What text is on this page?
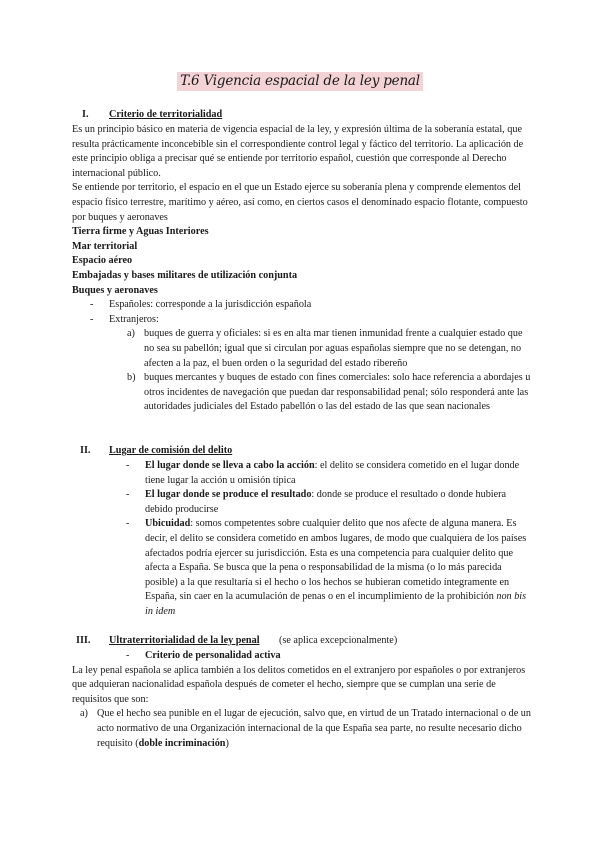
T.6 Vigencia espacial de la ley penal
I. Criterio de territorialidad

Es un principio básico en materia de vigencia espacial de la ley, y expresión última de la soberanía estatal, que resulta prácticamente inconcebible sin el correspondiente control legal y fáctico del territorio. La aplicación de este principio obliga a precisar qué se entiende por territorio español, cuestión que corresponde al Derecho internacional público.

Se entiende por territorio, el espacio en el que un Estado ejerce su soberanía plena y comprende elementos del espacio físico terrestre, marítimo y aéreo, así como, en ciertos casos el denominado espacio flotante, compuesto por buques y aeronaves

Tierra firme y Aguas Interiores
Mar territorial
Espacio aéreo
Embajadas y bases militares de utilización conjunta
Buques y aeronaves
- Españoles: corresponde a la jurisdicción española
- Extranjeros:
a) buques de guerra y oficiales: si es en alta mar tienen inmunidad frente a cualquier estado que no sea su pabellón; igual que si circulan por aguas españolas siempre que no se detengan, no afecten a la paz, el buen orden o la seguridad del estado ribereño
b) buques mercantes y buques de estado con fines comerciales: solo hace referencia a abordajes u otros incidentes de navegación que puedan dar responsabilidad penal; sólo responderá ante las autoridades judiciales del Estado pabellón o las del estado de las que sean nacionales
II. Lugar de comisión del delito
- El lugar donde se lleva a cabo la acción: el delito se considera cometido en el lugar donde tiene lugar la acción u omisión típica
- El lugar donde se produce el resultado: donde se produce el resultado o donde hubiera debido producirse
- Ubicuidad: somos competentes sobre cualquier delito que nos afecte de alguna manera. Es decir, el delito se considera cometido en ambos lugares, de modo que cualquiera de los países afectados podría ejercer su jurisdicción. Esta es una competencia para cualquier delito que afecta a España. Se busca que la pena o responsabilidad de la misma (o lo más parecida posible) a la que resultaría si el hecho o los hechos se hubieran cometido íntegramente en España, sin caer en la acumulación de penas o en el incumplimiento de la prohibición non bis in idem
III. Ultraterritorialidad de la ley penal (se aplica excepcionalmente)
- Criterio de personalidad activa

La ley penal española se aplica también a los delitos cometidos en el extranjero por españoles o por extranjeros que adquieran nacionalidad española después de cometer el hecho, siempre que se cumplan una serie de requisitos que son:

a) Que el hecho sea punible en el lugar de ejecución, salvo que, en virtud de un Tratado internacional o de un acto normativo de una Organización internacional de la que España sea parte, no resulte necesario dicho requisito (doble incriminación)
